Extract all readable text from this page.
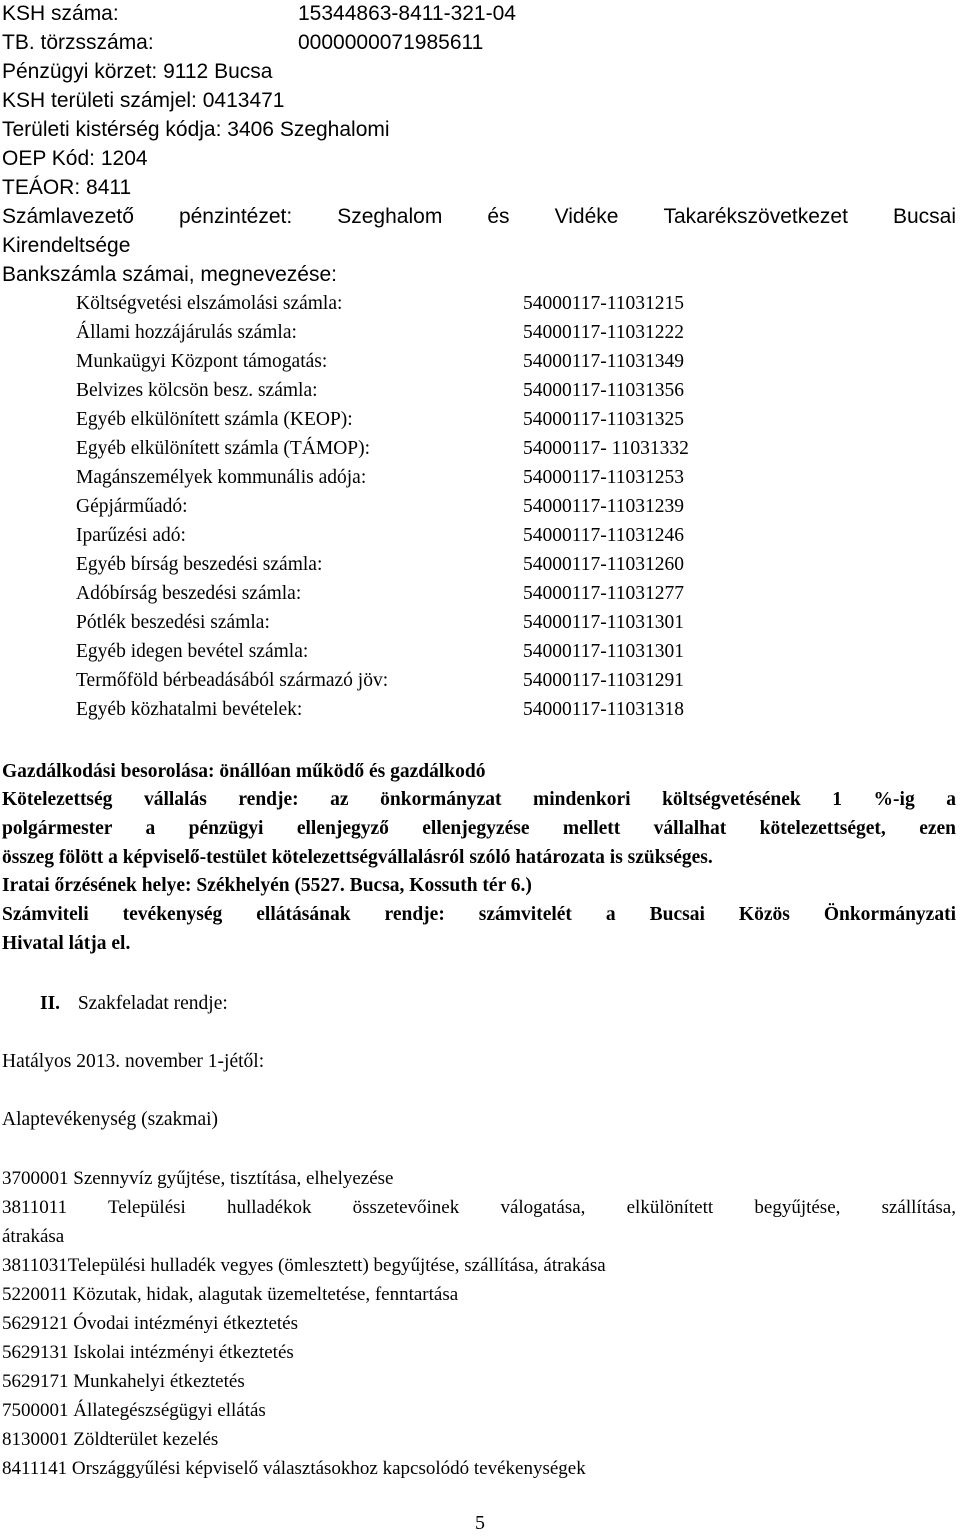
KSH száma:	15344863-8411-321-04
TB. törzsszáma:	0000000071985611
Pénzügyi körzet: 9112 Bucsa
KSH területi számjel: 0413471
Területi kistérség kódja: 3406 Szeghalomi
OEP Kód: 1204
TEÁOR: 8411
Számlavezető pénzintézet: Szeghalom és Vidéke Takarékszövetkezet Bucsai
Kirendeltsége
Bankszámla számai, megnevezése:
Költségvetési elszámolási számla:	54000117-11031215
Állami hozzájárulás számla:	54000117-11031222
Munkaügyi Központ támogatás:	54000117-11031349
Belvizes kölcsön besz. számla:	54000117-11031356
Egyéb elkülönített számla (KEOP):	54000117-11031325
Egyéb elkülönített számla (TÁMOP):	54000117- 11031332
Magánszemélyek kommunális adója:	54000117-11031253
Gépjárműadó:	54000117-11031239
Iparűzési adó:	54000117-11031246
Egyéb bírság beszedési számla:	54000117-11031260
Adóbírság beszedési számla:	54000117-11031277
Pótlék beszedési számla:	54000117-11031301
Egyéb idegen bevétel számla:	54000117-11031301
Termőföld bérbeadásából származó jöv:	54000117-11031291
Egyéb közhatalmi bevételek:	54000117-11031318
Gazdálkodási besorolása: önállóan működő és gazdálkodó
Kötelezettség vállalás rendje: az önkormányzat mindenkori költségvetésének 1 %-ig a
polgármester a pénzügyi ellenjegyző ellenjegyzése mellett vállalhat kötelezettséget, ezen
összeg fölött a képviselő-testület kötelezettségvállalásról szóló határozata is szükséges.
Iratai őrzésének helye: Székhelyén (5527. Bucsa, Kossuth tér 6.)
Számviteli tevékenység ellátásának rendje: számvitelét a Bucsai Közös Önkormányzati
Hivatal látja el.
II. Szakfeladat rendje:
Hatályos 2013. november 1-jétől:
Alaptevékenység (szakmai)
3700001 Szennyvíz gyűjtése, tisztítása, elhelyezése
3811011 Települési hulladékok összetevőinek válogatása, elkülönített begyűjtése, szállítása,
átrakása
3811031Települési hulladék vegyes (ömlesztett) begyűjtése, szállítása, átrakása
5220011 Közutak, hidak, alagutak üzemeltetése, fenntartása
5629121 Óvodai intézményi étkeztetés
5629131 Iskolai intézményi étkeztetés
5629171 Munkahelyi étkeztetés
7500001 Állategészségügyi ellátás
8130001 Zöldterület kezelés
8411141 Országgyűlési képviselő választásokhoz kapcsolódó tevékenységek
5
